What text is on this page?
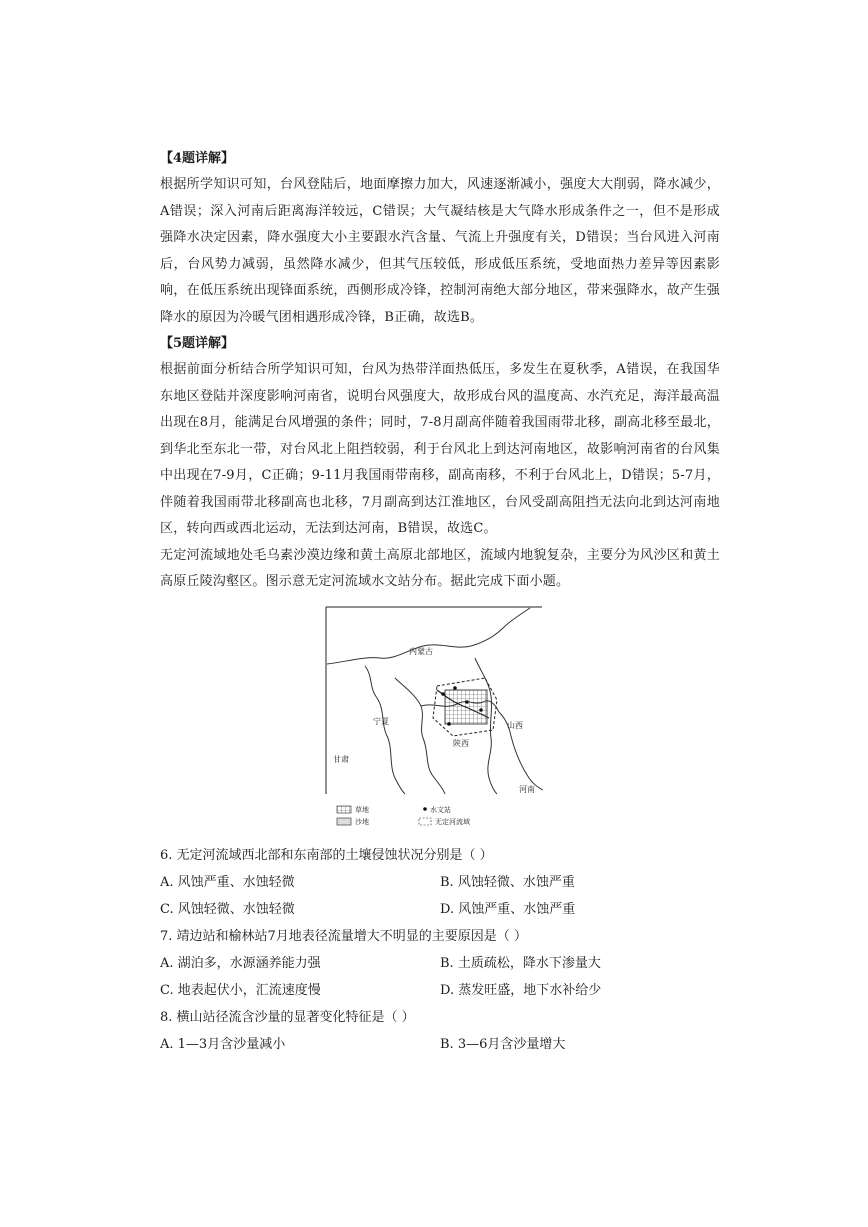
【4题详解】

根据所学知识可知，台风登陆后，地面摩擦力加大，风速逐渐减小，强度大大削弱，降水减少，A错误；深入河南后距离海洋较远，C错误；大气凝结核是大气降水形成条件之一，但不是形成强降水决定因素，降水强度大小主要跟水汽含量、气流上升强度有关，D错误；当台风进入河南后，台风势力减弱，虽然降水减少，但其气压较低，形成低压系统，受地面热力差异等因素影响，在低压系统出现锋面系统，西侧形成冷锋，控制河南绝大部分地区，带来强降水，故产生强降水的原因为冷暖气团相遇形成冷锋，B正确，故选B。

【5题详解】

根据前面分析结合所学知识可知，台风为热带洋面热低压，多发生在夏秋季，A错误，在我国华东地区登陆并深度影响河南省，说明台风强度大，故形成台风的温度高、水汽充足，海洋最高温出现在8月，能满足台风增强的条件；同时，7-8月副高伴随着我国雨带北移，副高北移至最北，到华北至东北一带，对台风北上阻挡较弱，利于台风北上到达河南地区，故影响河南省的台风集中出现在7-9月，C正确；9-11月我国雨带南移，副高南移，不利于台风北上，D错误；5-7月，伴随着我国雨带北移副高也北移，7月副高到达江淮地区，台风受副高阻挡无法向北到达河南地区，转向西或西北运动，无法到达河南，B错误，故选C。

无定河流域地处毛乌素沙漠边缘和黄土高原北部地区，流域内地貌复杂，主要分为风沙区和黄土高原丘陵沟壑区。图示意无定河流域水文站分布。据此完成下面小题。

内蒙古
宁夏
甘肃
陕西
山西
河南
草地
沙地
水文站
无定河流域

6. 无定河流域西北部和东南部的土壤侵蚀状况分别是（ ）

A. 风蚀严重、水蚀轻微	B. 风蚀轻微、水蚀严重
C. 风蚀轻微、水蚀轻微	D. 风蚀严重、水蚀严重

7. 靖边站和榆林站7月地表径流量增大不明显的主要原因是（ ）

A. 湖泊多，水源涵养能力强	B. 土质疏松，降水下渗量大
C. 地表起伏小，汇流速度慢	D. 蒸发旺盛，地下水补给少

8. 横山站径流含沙量的显著变化特征是（ ）

A. 1—3月含沙量减小	B. 3—6月含沙量增大
